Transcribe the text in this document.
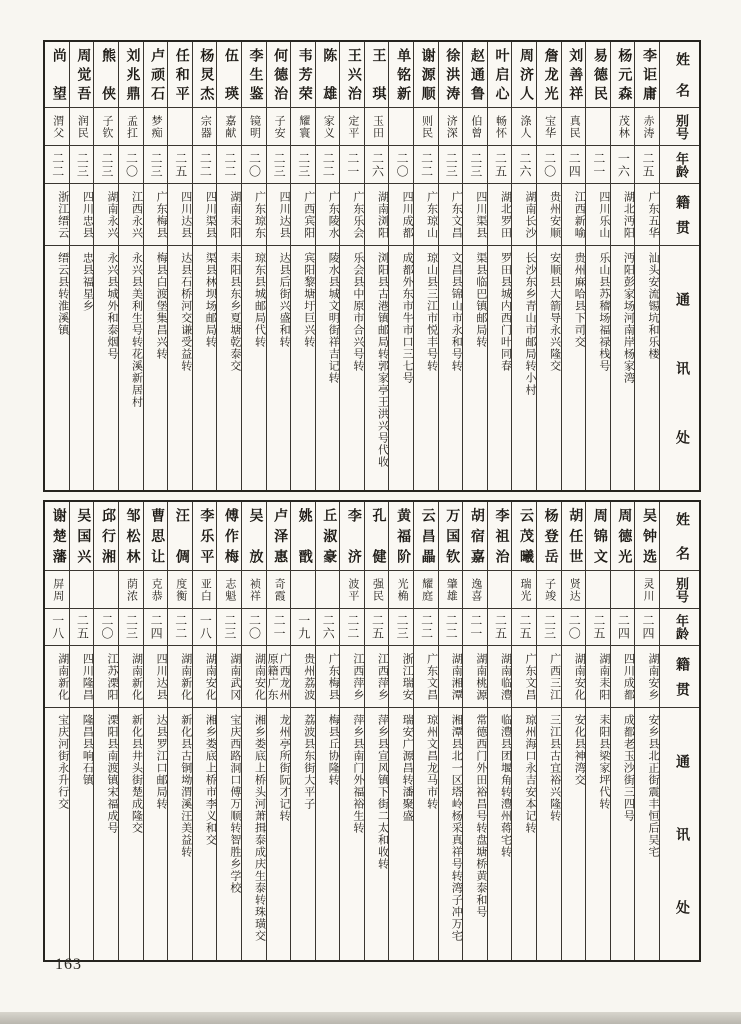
姓名
别号
年龄
籍贯
通讯处
李讵庸
赤涛
二五
广东五华
汕头安流锡坑和乐楼
杨元森
茂林
一六
湖北沔阳
沔阳彭家场河南岸杨家湾
易德民
二一
四川乐山
乐山县苏稽场福禄栈号
刘善祥
真民
二四
江西新喻
贵州麻哈县下司交
詹龙光
宝华
二〇
贵州安顺
安顺县大箭导永兴隆交
周济人
涤人
二六
湖南长沙
长沙东乡青山市邮局转小村
叶启心
畅怀
二五
湖北罗田
罗田县城内西门叶同春
赵通鲁
伯曾
二三
四川渠县
渠县临巴镇邮局转
徐洪涛
济深
二三
广东文昌
文昌县锦山市永和号转
谢源顺
则民
二二
广东琼山
琼山县三江市悦丰号转
单铭新
二〇
四川成都
成都外东市牛市口三七号
王琪
玉田
二六
湖南浏阳
浏阳县古港镇邮局转郭家亭王洪兴号代收
王兴治
定平
二一
广东乐会
乐会县中原市合兴号转
陈雄
家义
二二
广东陵水
陵水县城文明街祥吉记转
韦芳荣
耀寰
二三
广西宾阳
宾阳黎塘圩巨兴转
何德治
子安
二三
四川达县
达县后街兴盛和转
李生鉴
镜明
二〇
广东琼东
琼东县城邮局代转
伍瑛
嘉献
二二
湖南耒阳
耒阳县东乡夏塘乾泰交
杨炅杰
宗器
二二
四川渠县
渠县林坝场邮局转
任和平
二五
四川达县
达县石桥河交谦受益转
卢顽石
梦痴
二三
广东梅县
梅县白渡堡集昌兴转
刘兆鼎
孟扛
二〇
江西永兴
永兴县美利生号转花溪新居村
熊侠
子钦
二三
湖南永兴
永兴县城外和泰烟号
周觉吾
润民
二三
四川忠县
忠县福星乡
尚望
渭父
二二
浙江缙云
缙云县转淮溪镇
姓名
别号
年龄
籍贯
通讯处
吴钟选
灵川
二四
湖南安乡
安乡县北正街震丰恒后吴宅
周德光
二四
四川成都
成都老玉沙街三四号
周锦文
二五
湖南耒阳
耒阳县梁家坪代转
胡任世
贤达
二〇
湖南安化
安化县神湾交
杨登岳
子竣
二三
广西三江
三江县古宜裕兴隆转
云茂曦
瑞光
二五
广东文昌
琼州海口永吉安本记转
李祖治
二五
湖南临澧
临澧县团堰角转澧州蒋宅转
胡宿嘉
逸喜
二一
湖南桃源
常德西门外田裕昌号转盘塘桥黄泰和号
万国钦
肇雄
二二
湖南湘潭
湘潭县北一区塔岭杨采真祥号转湾子冲万宅
云昌畾
耀庭
二二
广东文昌
琼州文昌龙马市转
黄福阶
光桷
二三
浙江瑞安
瑞安广源昌转潘聚盛
孔健
强民
二五
江西萍乡
萍乡县宣风镇下街二太和收转
李济
波平
二二
江西萍乡
萍乡县南门外福裕生转
丘淑豪
二六
广东梅县
梅县丘协隆转
姚戬
一九
贵州荔波
荔波县东街大平子
卢泽惠
奇霞
二一
广西龙州原籍广东
龙州亭所街阮才记转
吴放
祯祥
二〇
湖南安化
湘乡娄底上桥头河萧揖泰成庆生泰转珠璜交
傅作梅
志魁
二三
湖南武冈
宝庆西路洞口傅万顺转智胜乡学校
李乐平
亚白
一八
湖南安化
湘乡娄底上桥市李义和交
汪倜
度衡
二二
湖南新化
新化县古铜坳渭溪汪美益转
曹思让
克恭
二四
四川达县
达县罗江口邮局转
邹松林
荫浓
二三
湖南新化
新化县井头街楚成隆交
邱行湘
二〇
江苏溧阳
溧阳县南渡镇宋福成号
吴国兴
二五
四川隆昌
隆昌县响石镇
谢楚藩
屏周
一八
湖南新化
宝庆河街永升行交
163
